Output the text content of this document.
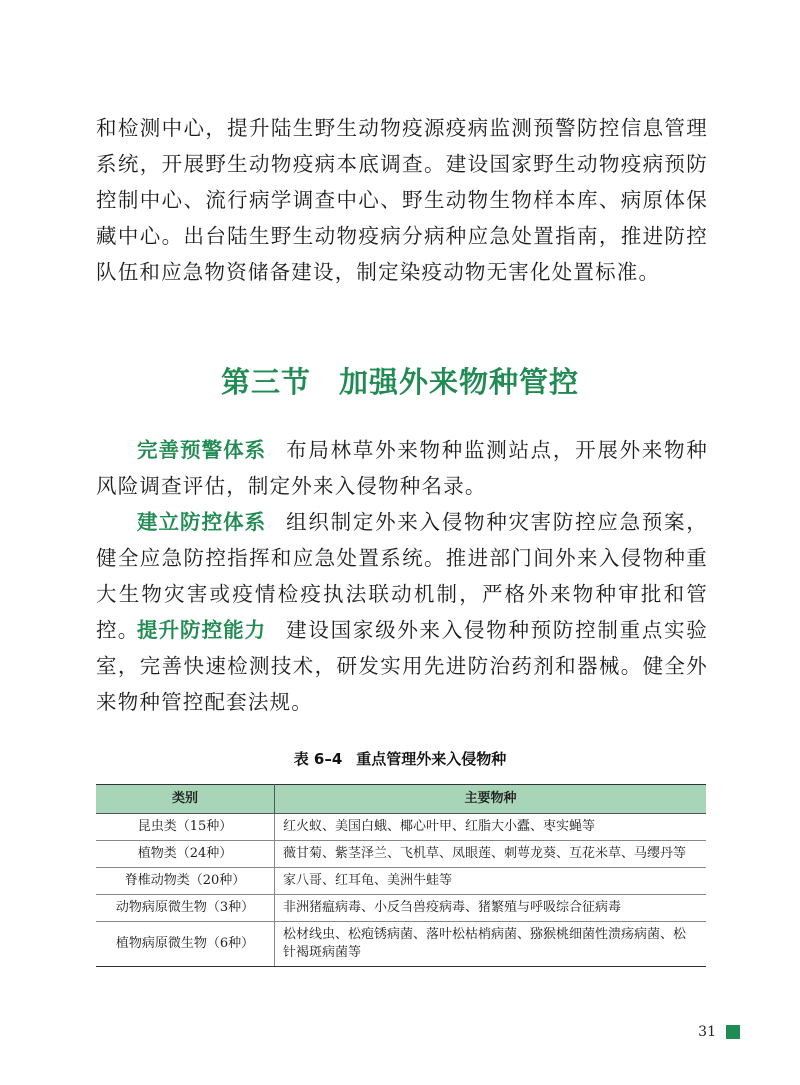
和检测中心，提升陆生野生动物疫源疫病监测预警防控信息管理系统，开展野生动物疫病本底调查。建设国家野生动物疫病预防控制中心、流行病学调查中心、野生动物生物样本库、病原体保藏中心。出台陆生野生动物疫病分病种应急处置指南，推进防控队伍和应急物资储备建设，制定染疫动物无害化处置标准。
第三节 加强外来物种管控
完善预警体系 布局林草外来物种监测站点，开展外来物种风险调查评估，制定外来入侵物种名录。
建立防控体系 组织制定外来入侵物种灾害防控应急预案，健全应急防控指挥和应急处置系统。推进部门间外来入侵物种重大生物灾害或疫情检疫执法联动机制，严格外来物种审批和管控。
提升防控能力 建设国家级外来入侵物种预防控制重点实验室，完善快速检测技术，研发实用先进防治药剂和器械。健全外来物种管控配套法规。
表 6–4 重点管理外来入侵物种
类别	主要物种
昆虫类（15种）	红火蚁、美国白蛾、椰心叶甲、红脂大小蠹、枣实蝇等
植物类（24种）	薇甘菊、紫茎泽兰、飞机草、凤眼莲、刺萼龙葵、互花米草、马缨丹等
脊椎动物类（20种）	家八哥、红耳龟、美洲牛蛙等
动物病原微生物（3种）	非洲猪瘟病毒、小反刍兽疫病毒、猪繁殖与呼吸综合征病毒
植物病原微生物（6种）	松材线虫、松疱锈病菌、落叶松枯梢病菌、猕猴桃细菌性溃疡病菌、松针褐斑病菌等
31
